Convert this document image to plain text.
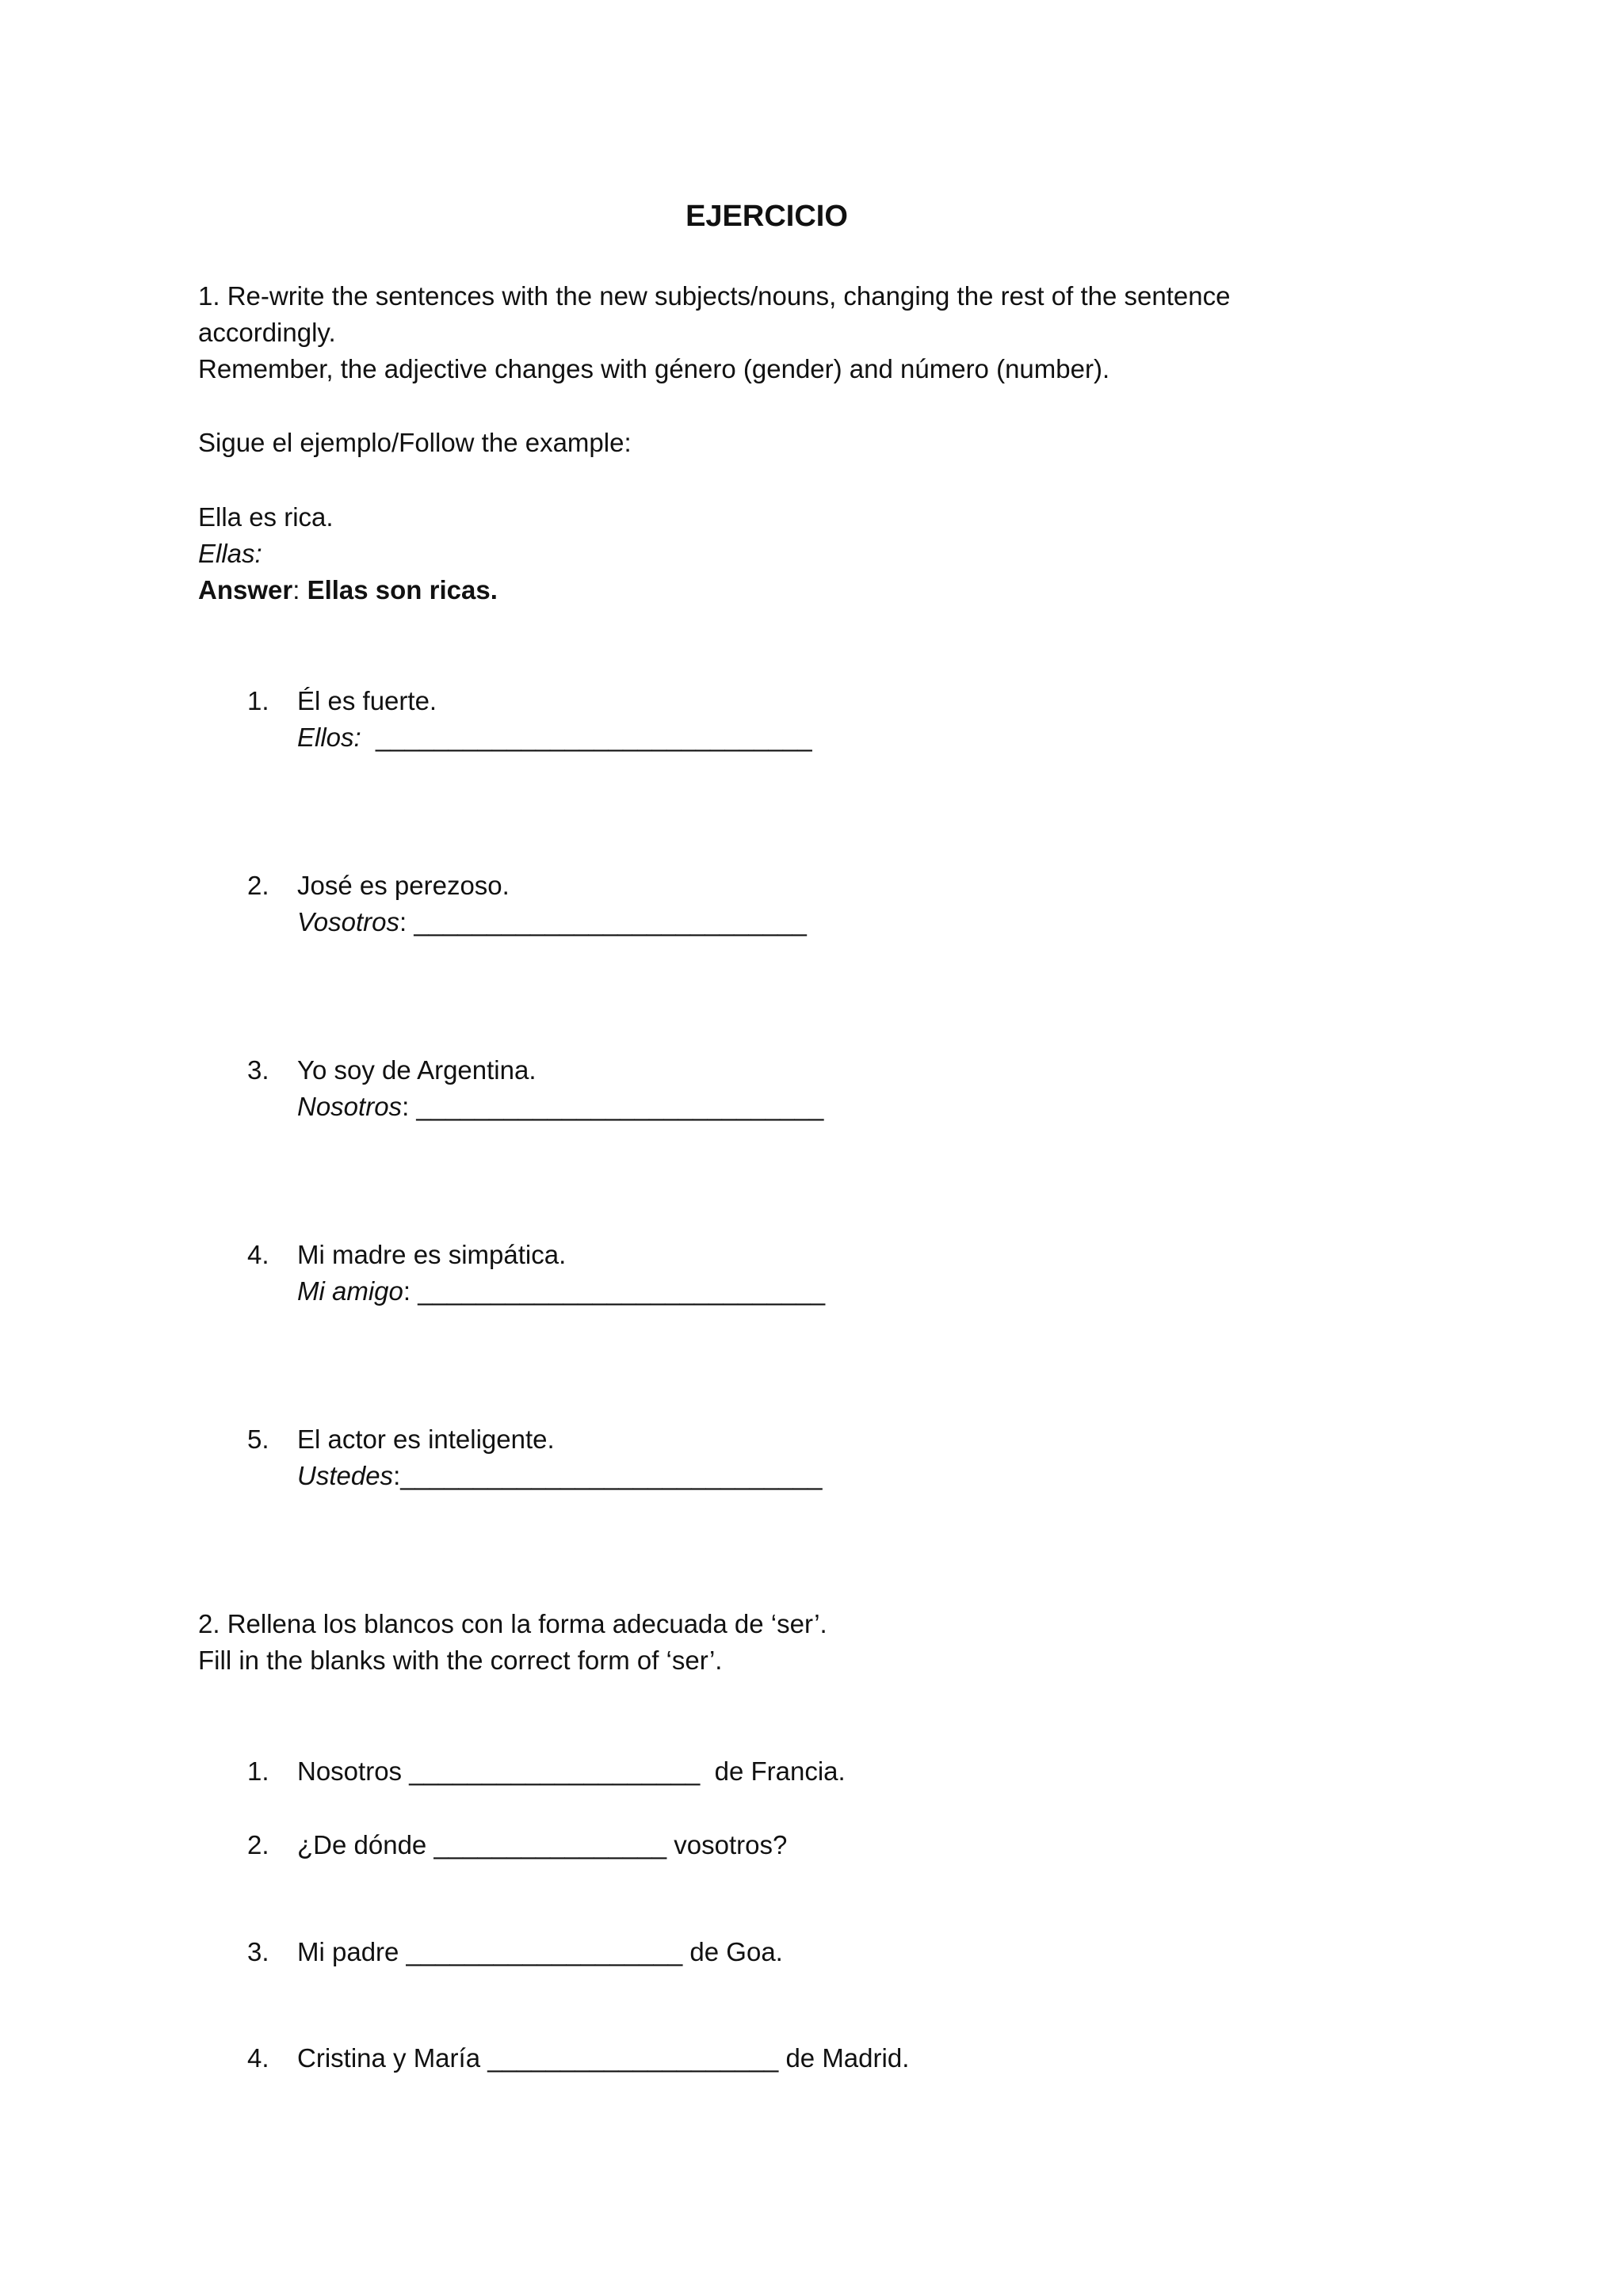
EJERCICIO
1. Re-write the sentences with the new subjects/nouns, changing the rest of the sentence
accordingly.
Remember, the adjective changes with género (gender) and número (number).
Sigue el ejemplo/Follow the example:
Ella es rica.
Ellas:
Answer: Ellas son ricas.
1.	Él es fuerte.
Ellos: ______________________________
2.	José es perezoso.
Vosotros: ___________________________
3.	Yo soy de Argentina.
Nosotros: ____________________________
4.	Mi madre es simpática.
Mi amigo: ____________________________
5.	El actor es inteligente.
Ustedes:_____________________________
2. Rellena los blancos con la forma adecuada de ‘ser’.
Fill in the blanks with the correct form of ‘ser’.
1.	Nosotros ____________________  de Francia.
2.	¿De dónde ________________ vosotros?
3.	Mi padre ___________________ de Goa.
4.	Cristina y María ____________________ de Madrid.
